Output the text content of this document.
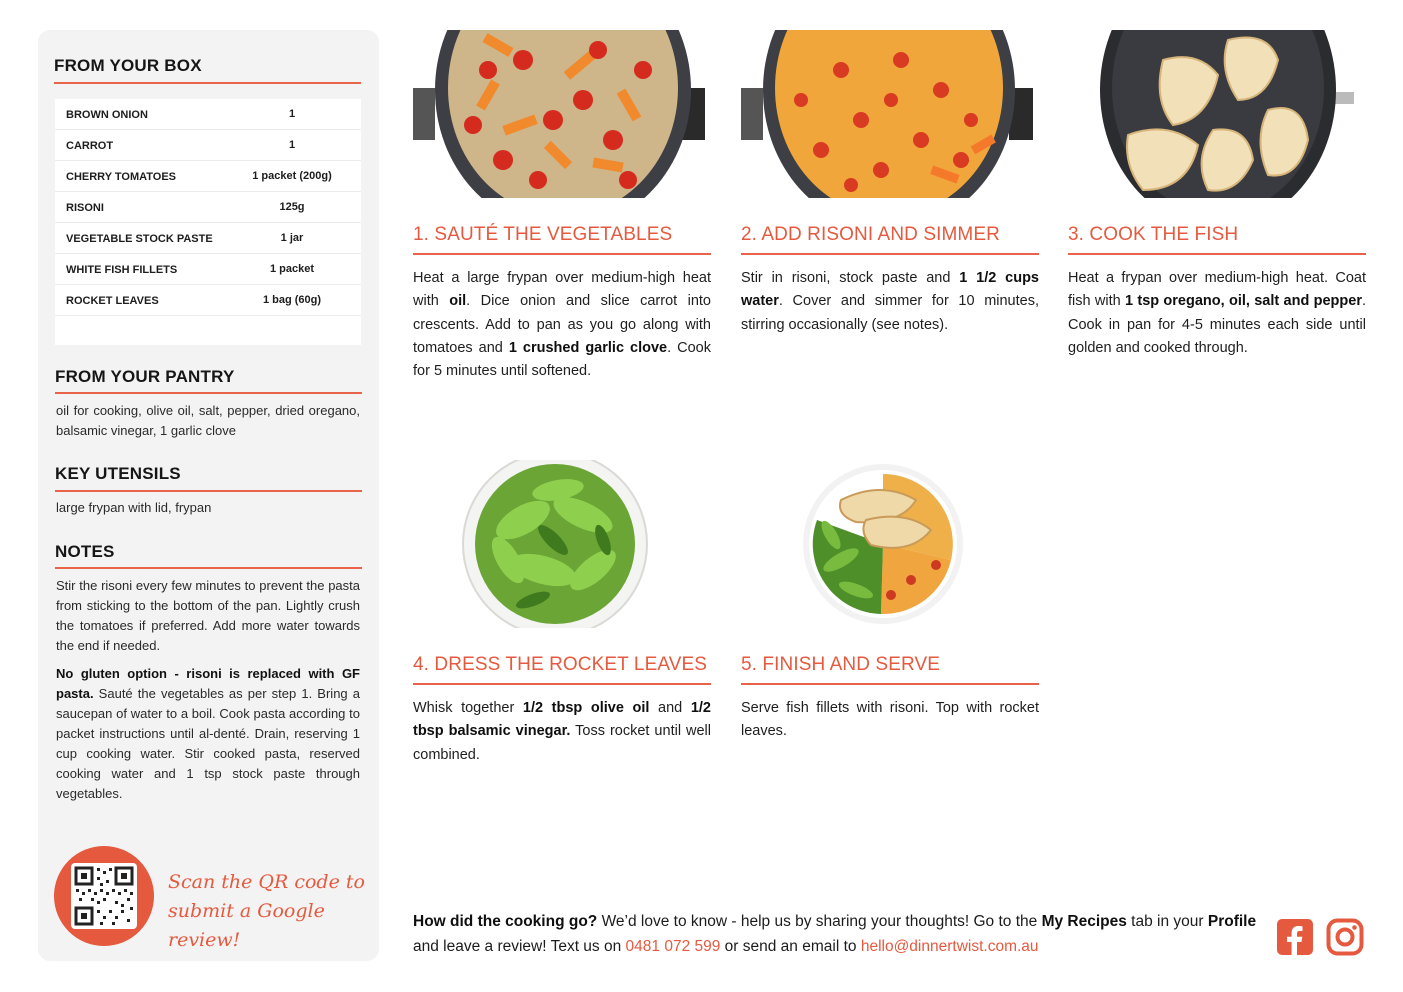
FROM YOUR BOX
BROWN ONION	1
CARROT	1
CHERRY TOMATOES	1 packet (200g)
RISONI	125g
VEGETABLE STOCK PASTE	1 jar
WHITE FISH FILLETS	1 packet
ROCKET LEAVES	1 bag (60g)
FROM YOUR PANTRY
oil for cooking, olive oil, salt, pepper, dried oregano, balsamic vinegar, 1 garlic clove
KEY UTENSILS
large frypan with lid, frypan
NOTES
Stir the risoni every few minutes to prevent the pasta from sticking to the bottom of the pan. Lightly crush the tomatoes if preferred. Add more water towards the end if needed.
No gluten option - risoni is replaced with GF pasta. Sauté the vegetables as per step 1. Bring a saucepan of water to a boil. Cook pasta according to packet instructions until al-denté. Drain, reserving 1 cup cooking water. Stir cooked pasta, reserved cooking water and 1 tsp stock paste through vegetables.
Scan the QR code to
submit a Google review!
1. SAUTÉ THE VEGETABLES
Heat a large frypan over medium-high heat with oil. Dice onion and slice carrot into crescents. Add to pan as you go along with tomatoes and 1 crushed garlic clove. Cook for 5 minutes until softened.
2. ADD RISONI AND SIMMER
Stir in risoni, stock paste and 1 1/2 cups water. Cover and simmer for 10 minutes, stirring occasionally (see notes).
3. COOK THE FISH
Heat a frypan over medium-high heat. Coat fish with 1 tsp oregano, oil, salt and pepper. Cook in pan for 4-5 minutes each side until golden and cooked through.
4. DRESS THE ROCKET LEAVES
Whisk together 1/2 tbsp olive oil and 1/2 tbsp balsamic vinegar. Toss rocket until well combined.
5. FINISH AND SERVE
Serve fish fillets with risoni. Top with rocket leaves.
How did the cooking go? We’d love to know - help us by sharing your thoughts! Go to the My Recipes tab in your Profile and leave a review! Text us on 0481 072 599 or send an email to hello@dinnertwist.com.au
